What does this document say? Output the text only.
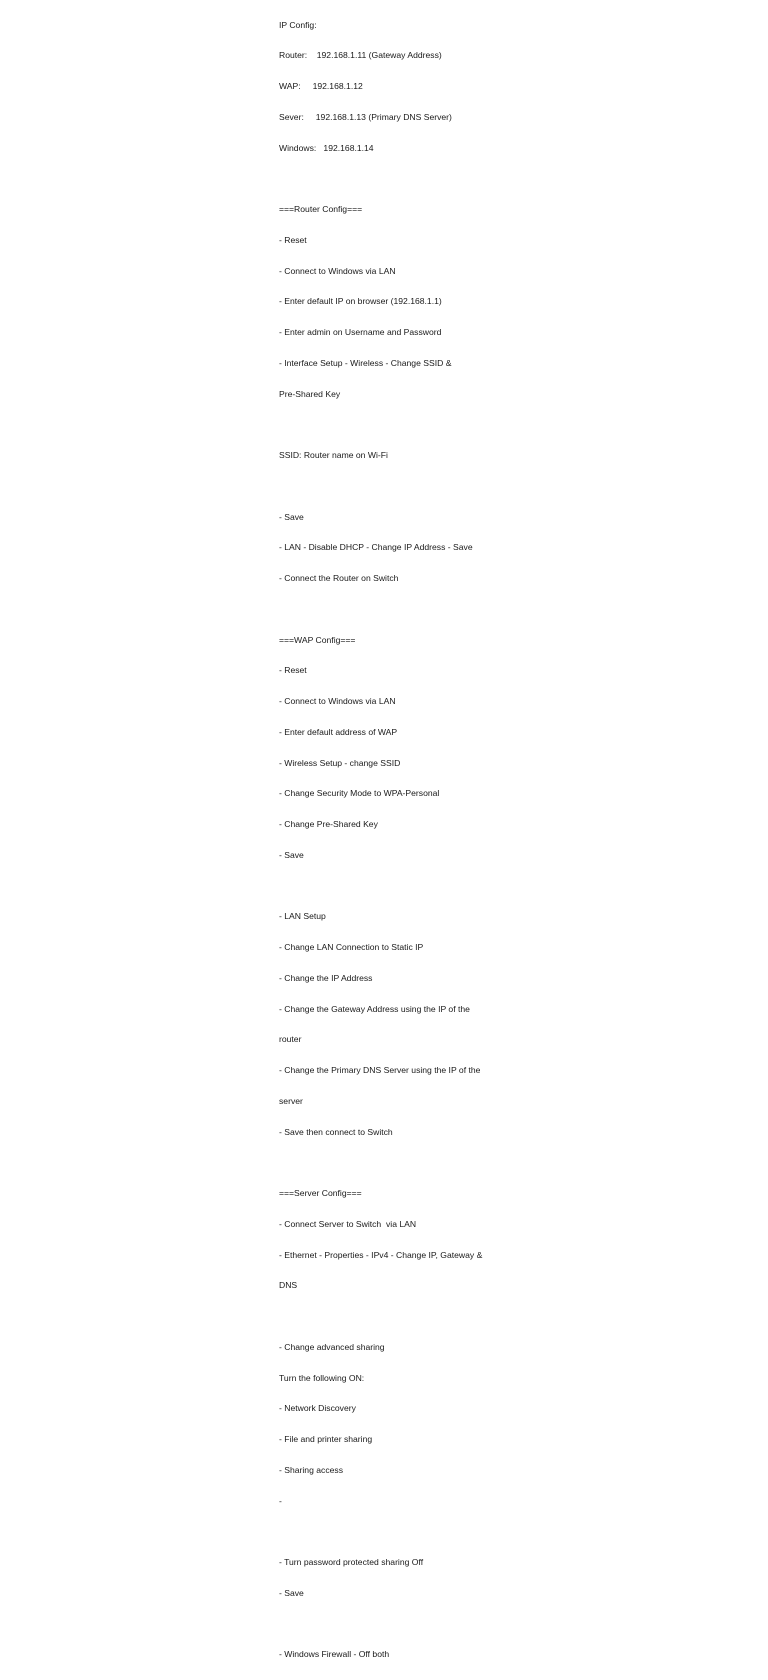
IP Config:

Router:    192.168.1.11 (Gateway Address)

WAP:     192.168.1.12

Sever:     192.168.1.13 (Primary DNS Server)

Windows:   192.168.1.14

===Router Config===

- Reset

- Connect to Windows via LAN

- Enter default IP on browser (192.168.1.1)

- Enter admin on Username and Password

- Interface Setup - Wireless - Change SSID &

Pre-Shared Key

SSID: Router name on Wi-Fi

- Save

- LAN - Disable DHCP - Change IP Address - Save

- Connect the Router on Switch

===WAP Config===

- Reset

- Connect to Windows via LAN

- Enter default address of WAP

- Wireless Setup - change SSID

- Change Security Mode to WPA-Personal

- Change Pre-Shared Key

- Save

- LAN Setup

- Change LAN Connection to Static IP

- Change the IP Address

- Change the Gateway Address using the IP of the

router

- Change the Primary DNS Server using the IP of the

server

- Save then connect to Switch

===Server Config===

- Connect Server to Switch  via LAN

- Ethernet - Properties - IPv4 - Change IP, Gateway &

DNS

- Change advanced sharing

Turn the following ON:

- Network Discovery

- File and printer sharing

- Sharing access

-

- Turn password protected sharing Off

- Save

- Windows Firewall - Off both
